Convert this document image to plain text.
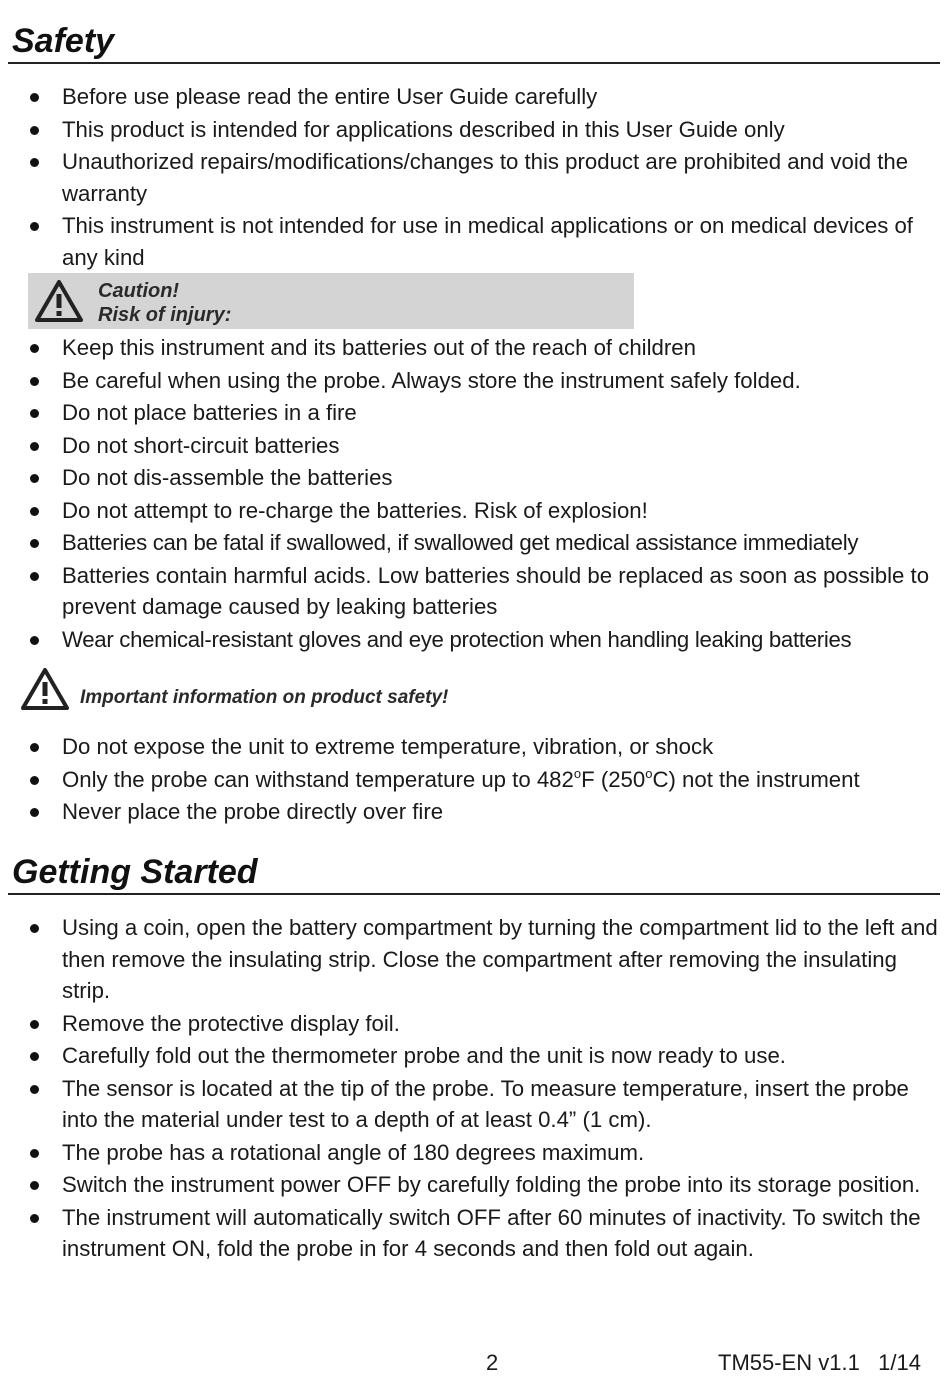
Safety
Before use please read the entire User Guide carefully
This product is intended for applications described in this User Guide only
Unauthorized repairs/modifications/changes to this product are prohibited and void the warranty
This instrument is not intended for use in medical applications or on medical devices of any kind
Caution!
Risk of injury:
Keep this instrument and its batteries out of the reach of children
Be careful when using the probe. Always store the instrument safely folded.
Do not place batteries in a fire
Do not short-circuit batteries
Do not dis-assemble the batteries
Do not attempt to re-charge the batteries. Risk of explosion!
Batteries can be fatal if swallowed, if swallowed get medical assistance immediately
Batteries contain harmful acids. Low batteries should be replaced as soon as possible to prevent damage caused by leaking batteries
Wear chemical-resistant gloves and eye protection when handling leaking batteries
Important information on product safety!
Do not expose the unit to extreme temperature, vibration, or shock
Only the probe can withstand temperature up to 482$^o$F (250$^o$C) not the instrument
Never place the probe directly over fire
Getting Started
Using a coin, open the battery compartment by turning the compartment lid to the left and then remove the insulating strip. Close the compartment after removing the insulating strip.
Remove the protective display foil.
Carefully fold out the thermometer probe and the unit is now ready to use.
The sensor is located at the tip of the probe. To measure temperature, insert the probe into the material under test to a depth of at least 0.4” (1 cm).
The probe has a rotational angle of 180 degrees maximum.
Switch the instrument power OFF by carefully folding the probe into its storage position.
The instrument will automatically switch OFF after 60 minutes of inactivity. To switch the instrument ON, fold the probe in for 4 seconds and then fold out again.
2	TM55-EN v1.1   1/14
